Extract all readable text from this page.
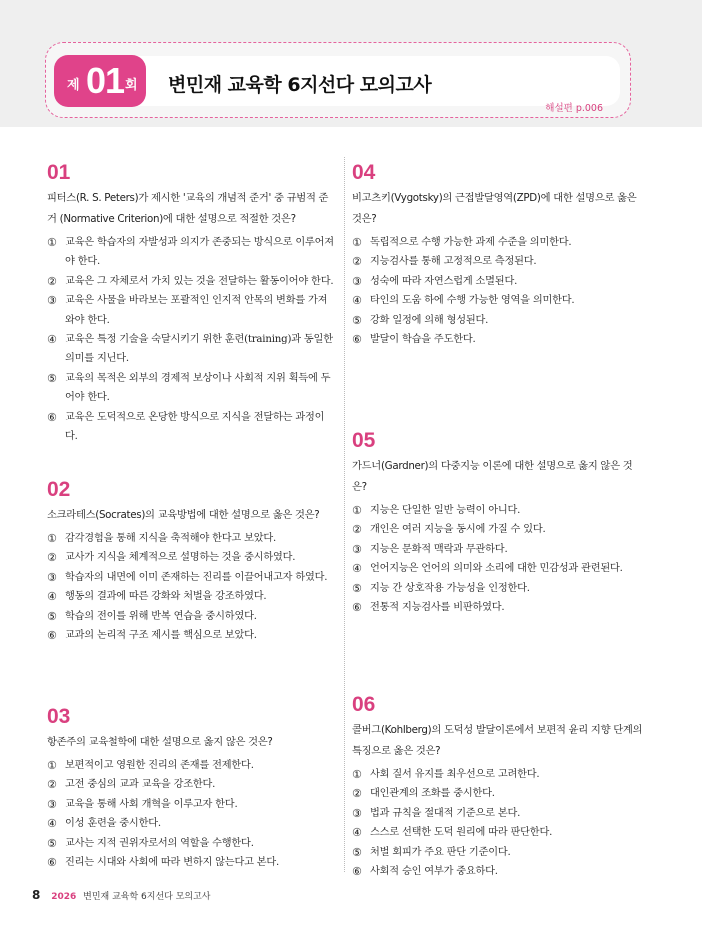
제 01 회 변민재 교육학 6지선다 모의고사
해설편 p.006
01
피터스(R. S. Peters)가 제시한 '교육의 개념적 준거' 중 규범적 준거 (Normative Criterion)에 대한 설명으로 적절한 것은?
① 교육은 학습자의 자발성과 의지가 존중되는 방식으로 이루어져야 한다.
② 교육은 그 자체로서 가치 있는 것을 전달하는 활동이어야 한다.
③ 교육은 사물을 바라보는 포괄적인 인지적 안목의 변화를 가져와야 한다.
④ 교육은 특정 기술을 숙달시키기 위한 훈련(training)과 동일한 의미를 지닌다.
⑤ 교육의 목적은 외부의 경제적 보상이나 사회적 지위 획득에 두어야 한다.
⑥ 교육은 도덕적으로 온당한 방식으로 지식을 전달하는 과정이다.
02
소크라테스(Socrates)의 교육방법에 대한 설명으로 옳은 것은?
① 감각경험을 통해 지식을 축적해야 한다고 보았다.
② 교사가 지식을 체계적으로 설명하는 것을 중시하였다.
③ 학습자의 내면에 이미 존재하는 진리를 이끌어내고자 하였다.
④ 행동의 결과에 따른 강화와 처벌을 강조하였다.
⑤ 학습의 전이를 위해 반복 연습을 중시하였다.
⑥ 교과의 논리적 구조 제시를 핵심으로 보았다.
03
항존주의 교육철학에 대한 설명으로 옳지 않은 것은?
① 보편적이고 영원한 진리의 존재를 전제한다.
② 고전 중심의 교과 교육을 강조한다.
③ 교육을 통해 사회 개혁을 이루고자 한다.
④ 이성 훈련을 중시한다.
⑤ 교사는 지적 권위자로서의 역할을 수행한다.
⑥ 진리는 시대와 사회에 따라 변하지 않는다고 본다.
04
비고츠키(Vygotsky)의 근접발달영역(ZPD)에 대한 설명으로 옳은 것은?
① 독립적으로 수행 가능한 과제 수준을 의미한다.
② 지능검사를 통해 고정적으로 측정된다.
③ 성숙에 따라 자연스럽게 소멸된다.
④ 타인의 도움 하에 수행 가능한 영역을 의미한다.
⑤ 강화 일정에 의해 형성된다.
⑥ 발달이 학습을 주도한다.
05
가드너(Gardner)의 다중지능 이론에 대한 설명으로 옳지 않은 것은?
① 지능은 단일한 일반 능력이 아니다.
② 개인은 여러 지능을 동시에 가질 수 있다.
③ 지능은 문화적 맥락과 무관하다.
④ 언어지능은 언어의 의미와 소리에 대한 민감성과 관련된다.
⑤ 지능 간 상호작용 가능성을 인정한다.
⑥ 전통적 지능검사를 비판하였다.
06
콜버그(Kohlberg)의 도덕성 발달이론에서 보편적 윤리 지향 단계의 특징으로 옳은 것은?
① 사회 질서 유지를 최우선으로 고려한다.
② 대인관계의 조화를 중시한다.
③ 법과 규칙을 절대적 기준으로 본다.
④ 스스로 선택한 도덕 원리에 따라 판단한다.
⑤ 처벌 회피가 주요 판단 기준이다.
⑥ 사회적 승인 여부가 중요하다.
8 2026 변민재 교육학 6지선다 모의고사
